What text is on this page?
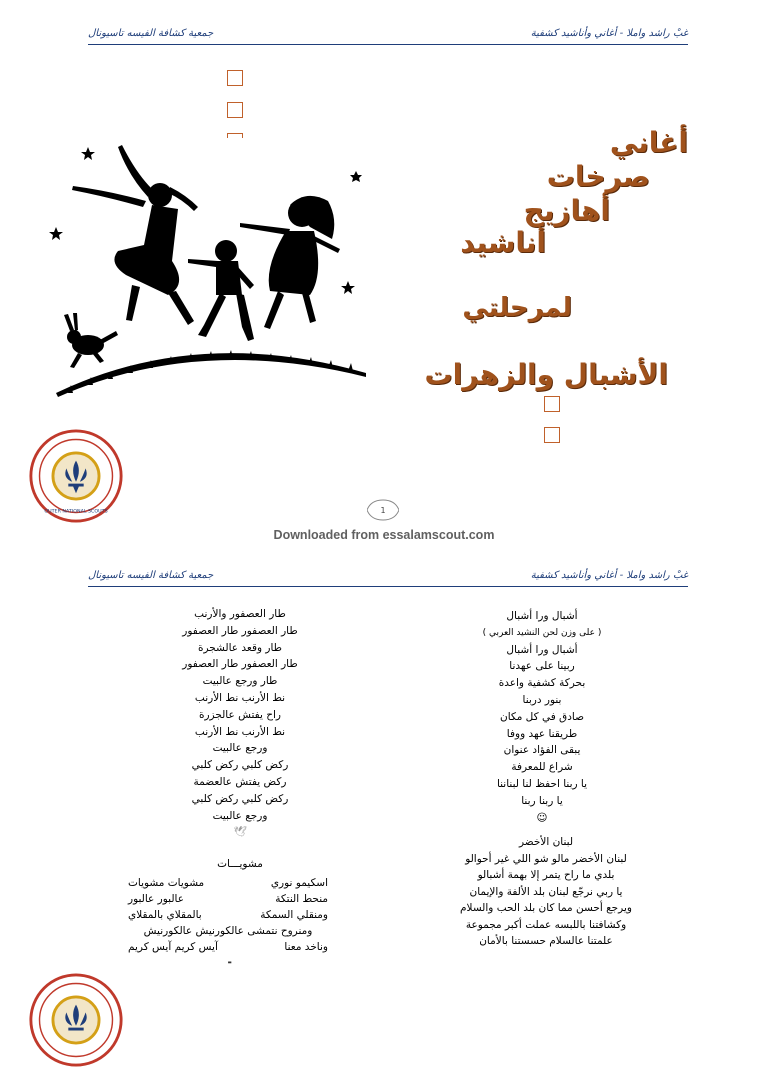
غبْ راشد واملا - أغاني وأناشيد كشفية
جمعية كشافة الفيسه تاسيونال
أغاني
صرخات
أهازيج
أناشيد
لمرحلتي
الأشبال والزهرات
OUTER NATIONAL SCOUTS	1
Downloaded from essalamscout.com
غبْ راشد واملا - أغاني وأناشيد كشفية
جمعية كشافة الفيسه تاسيونال
أشبال ورا أشبال
( على وزن لحن النشيد العربي )
أشبال ورا أشبال
ربينا على عهدنا
بحركة كشفية واعدة
بنور دربنا
صادق في كل مكان
طريقنا عهد ووفا
يبقى الفؤاد عنوان
شراع للمعرفة
يا ربنا احفظ لنا لبناننا
يا ربنا ربنا
☺
طار العصفور والأرنب
طار العصفور طار العصفور
طار وقعد عالشجرة
طار العصفور طار العصفور
طار ورجع عالبيت
نط الأرنب نط الأرنب
راح يفتش عالجزرة
نط الأرنب نط الأرنب
ورجع عالبيت
ركض كلبي ركض كلبي
ركض يفتش عالعضمة
ركض كلبي ركض كلبي
ورجع عالبيت
🕊
لبنان الأخضر
لبنان الأخضر مالو شو اللي غير أحوالو
بلدي ما راح يتمر إلا بهمة أشبالو
يا ربي نرجّع لبنان بلد الألفة والإيمان
ويرجع أحسن مما كان بلد الحب والسلام
وكشافتنا باللبسه عملت أكبر مجموعة
علمتنا عالسلام حسستنا بالأمان
مشويـــات
اسكيمو نوري
مشويات مشويات
منحط النتكة
عالبور عالبور
ومنقلي السمكة
بالمقلاي بالمقلاي
ومنروح نتمشى عالكورنيش عالكورنيش
وناخد معنا
آيس كريم آيس كريم
╺
